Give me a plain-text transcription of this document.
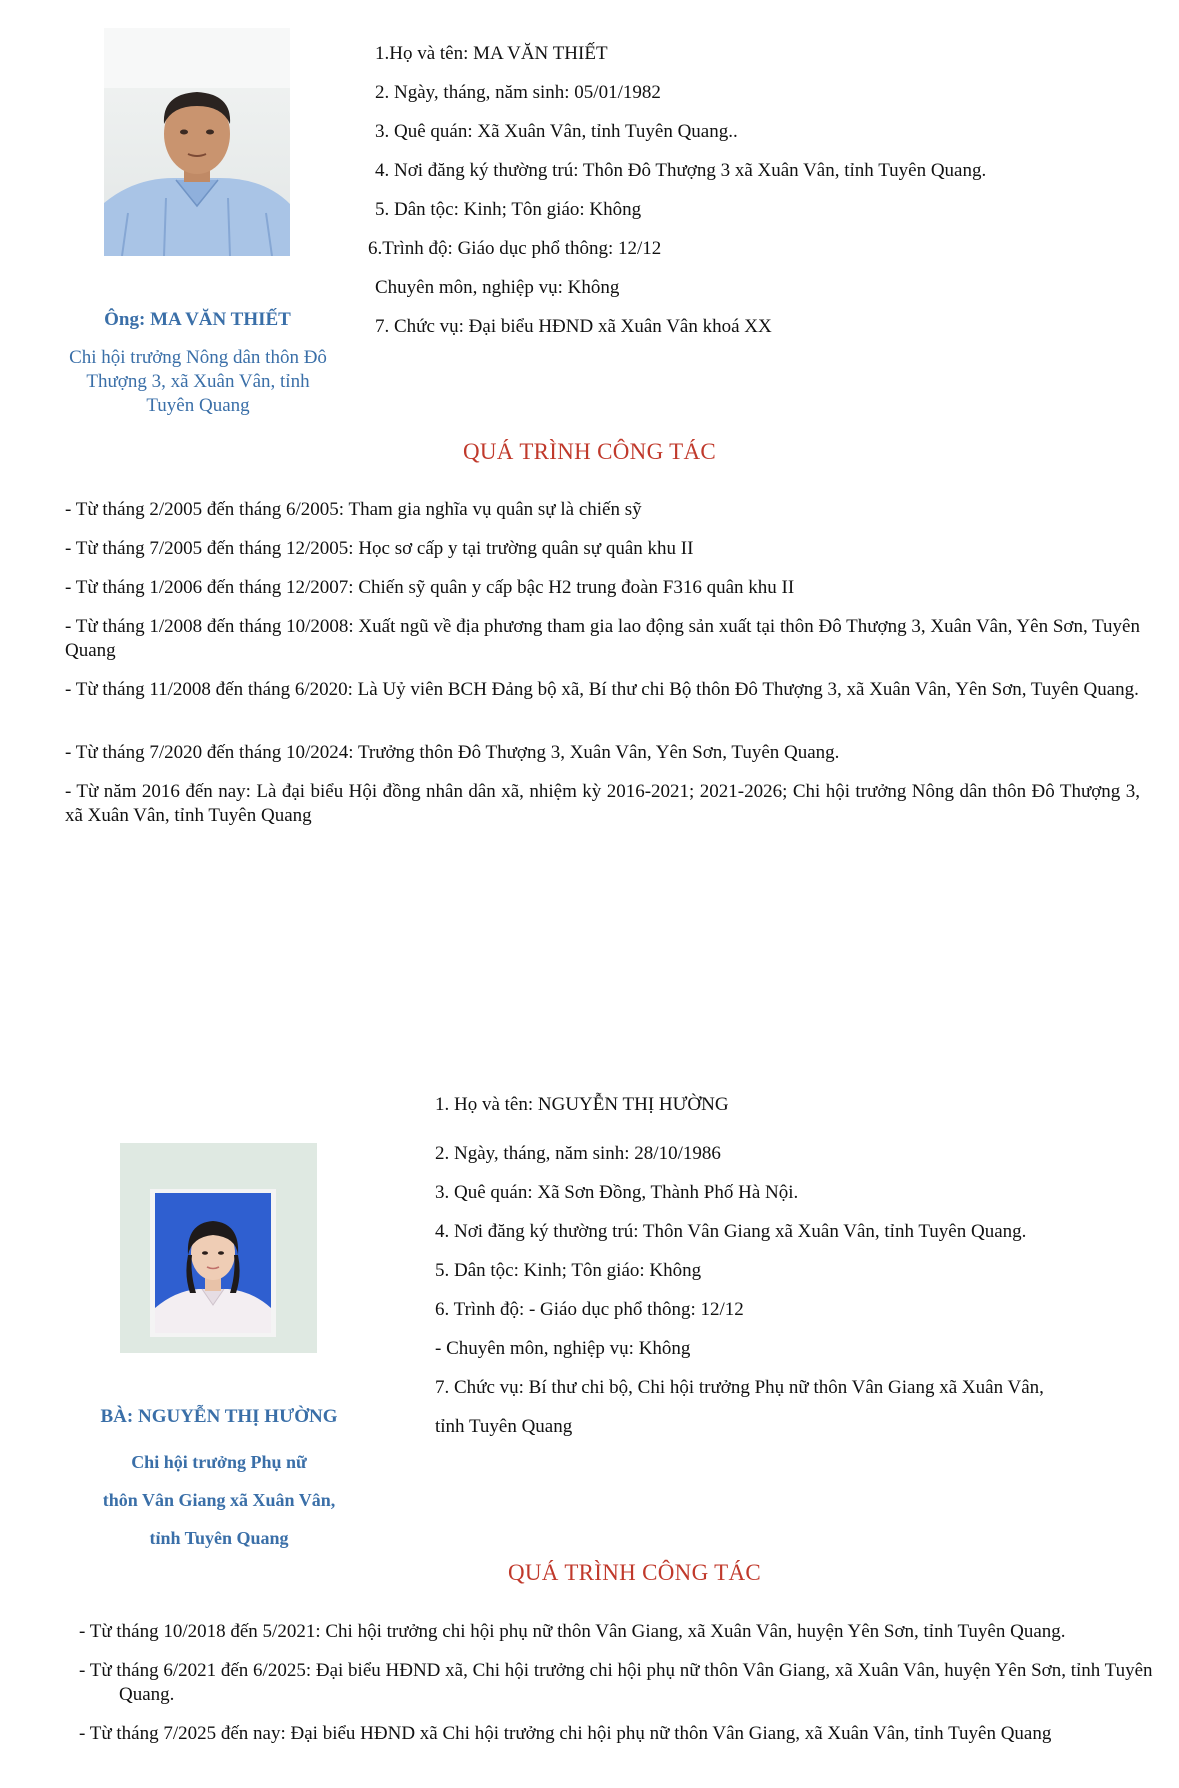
Ông: MA VĂN THIẾT
Chi hội trưởng Nông dân thôn Đô Thượng 3, xã Xuân Vân, tỉnh Tuyên Quang
1.Họ và tên: MA VĂN THIẾT
2. Ngày, tháng, năm sinh: 05/01/1982
3. Quê quán: Xã Xuân Vân, tỉnh Tuyên Quang..
4. Nơi đăng ký thường trú: Thôn Đô Thượng 3 xã Xuân Vân, tỉnh Tuyên Quang.
5. Dân tộc: Kinh; Tôn giáo: Không
6.Trình độ: Giáo dục phổ thông: 12/12
Chuyên môn, nghiệp vụ: Không
7. Chức vụ: Đại biểu HĐND xã Xuân Vân khoá XX
QUÁ TRÌNH CÔNG TÁC
- Từ tháng 2/2005 đến tháng 6/2005: Tham gia nghĩa vụ quân sự là chiến sỹ
- Từ tháng 7/2005 đến tháng 12/2005: Học sơ cấp y tại trường quân sự quân khu II
- Từ tháng 1/2006 đến tháng 12/2007: Chiến sỹ quân y cấp bậc H2 trung đoàn F316 quân khu II
- Từ tháng 1/2008 đến tháng 10/2008: Xuất ngũ về địa phương tham gia lao động sản xuất tại thôn Đô Thượng 3, Xuân Vân, Yên Sơn, Tuyên Quang
- Từ tháng 11/2008 đến tháng 6/2020: Là Uỷ viên BCH Đảng bộ xã, Bí thư chi Bộ thôn Đô Thượng 3, xã Xuân Vân, Yên Sơn, Tuyên Quang.
- Từ tháng 7/2020 đến tháng 10/2024: Trưởng thôn Đô Thượng 3, Xuân Vân, Yên Sơn, Tuyên Quang.
- Từ năm 2016 đến nay: Là đại biểu Hội đồng nhân dân xã, nhiệm kỳ 2016-2021; 2021-2026; Chi hội trưởng Nông dân thôn Đô Thượng 3, xã Xuân Vân, tỉnh Tuyên Quang
BÀ: NGUYỄN THỊ HƯỜNG
Chi hội trưởng Phụ nữ
thôn Vân Giang xã Xuân Vân,
tỉnh Tuyên Quang
1. Họ và tên: NGUYỄN THỊ HƯỜNG
2. Ngày, tháng, năm sinh: 28/10/1986
3. Quê quán: Xã Sơn Đồng, Thành Phố Hà Nội.
4. Nơi đăng ký thường trú: Thôn Vân Giang xã Xuân Vân, tỉnh Tuyên Quang.
5. Dân tộc: Kinh; Tôn giáo: Không
6. Trình độ: - Giáo dục phổ thông: 12/12
- Chuyên môn, nghiệp vụ: Không
7. Chức vụ: Bí thư chi bộ, Chi hội trưởng Phụ nữ thôn Vân Giang xã Xuân Vân,
tỉnh Tuyên Quang
QUÁ TRÌNH CÔNG TÁC
- Từ tháng 10/2018 đến 5/2021: Chi hội trưởng chi hội phụ nữ thôn Vân Giang, xã Xuân Vân, huyện Yên Sơn, tỉnh Tuyên Quang.
- Từ tháng 6/2021 đến 6/2025: Đại biểu HĐND xã, Chi hội trưởng chi hội phụ nữ thôn Vân Giang, xã Xuân Vân, huyện Yên Sơn, tỉnh Tuyên Quang.
- Từ tháng 7/2025 đến nay: Đại biểu HĐND xã Chi hội trưởng chi hội phụ nữ thôn Vân Giang, xã Xuân Vân, tỉnh Tuyên Quang
